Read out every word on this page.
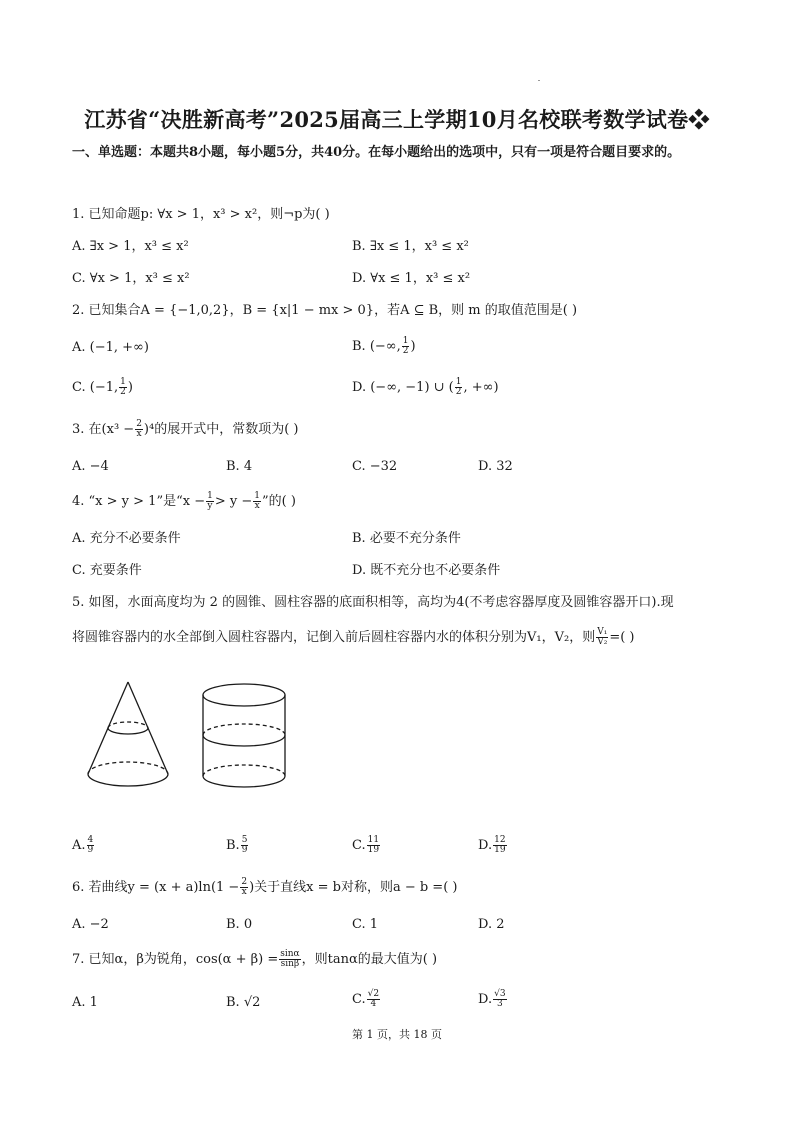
江苏省“决胜新高考”2025届高三上学期10月名校联考数学试卷❖
一、单选题：本题共8小题，每小题5分，共40分。在每小题给出的选项中，只有一项是符合题目要求的。
1. 已知命题p: ∀x > 1，x³ > x²，则¬p为( )
A. ∃x > 1，x³ ≤ x²	B. ∃x ≤ 1，x³ ≤ x²
C. ∀x > 1，x³ ≤ x²	D. ∀x ≤ 1，x³ ≤ x²
2. 已知集合A = {−1,0,2}，B = {x|1 − mx > 0}，若A ⊆ B，则 m 的取值范围是( )
A. (−1, +∞)	B. (−∞, $\frac{1}{2}$ )
C. (−1, $\frac{1}{2}$ )	D. (−∞, −1) ∪ ( $\frac{1}{2}$ , +∞)
3. 在$(x^3 - \frac{2}{x} )^4$的展开式中，常数项为( )
A. −4	B. 4	C. −32	D. 32
4. “x > y > 1”是“$x - \frac{1}{y} > y - \frac{1}{x}$ ”的( )
A. 充分不必要条件	B. 必要不充分条件
C. 充要条件	D. 既不充分也不必要条件
5. 如图，水面高度均为 2 的圆锥、圆柱容器的底面积相等，高均为4(不考虑容器厚度及圆锥容器开口).现
将圆锥容器内的水全部倒入圆柱容器内，记倒入前后圆柱容器内水的体积分别为V₁，V₂，则 $\frac{\text{V₁}}{\text{V₂}}$ =( )
A. $\frac{4}{9}$	B. $\frac{5}{9}$	C. $\frac{11}{19}$	D. $\frac{12}{19}$
6. 若曲线$y = (x + a)\ln(1 - \frac{2}{x}$ )关于直线x = b对称，则a − b =( )
A. −2	B. 0	C. 1	D. 2
7. 已知α，β为锐角，$\cos(\alpha + \beta) = \frac{\sin\alpha}{\sin\beta}$ ，则tanα的最大值为( )
A. 1	B. √2	C. $\frac{√2}{4}$	D. $\frac{√3}{3}$
第 1 页，共 18 页
